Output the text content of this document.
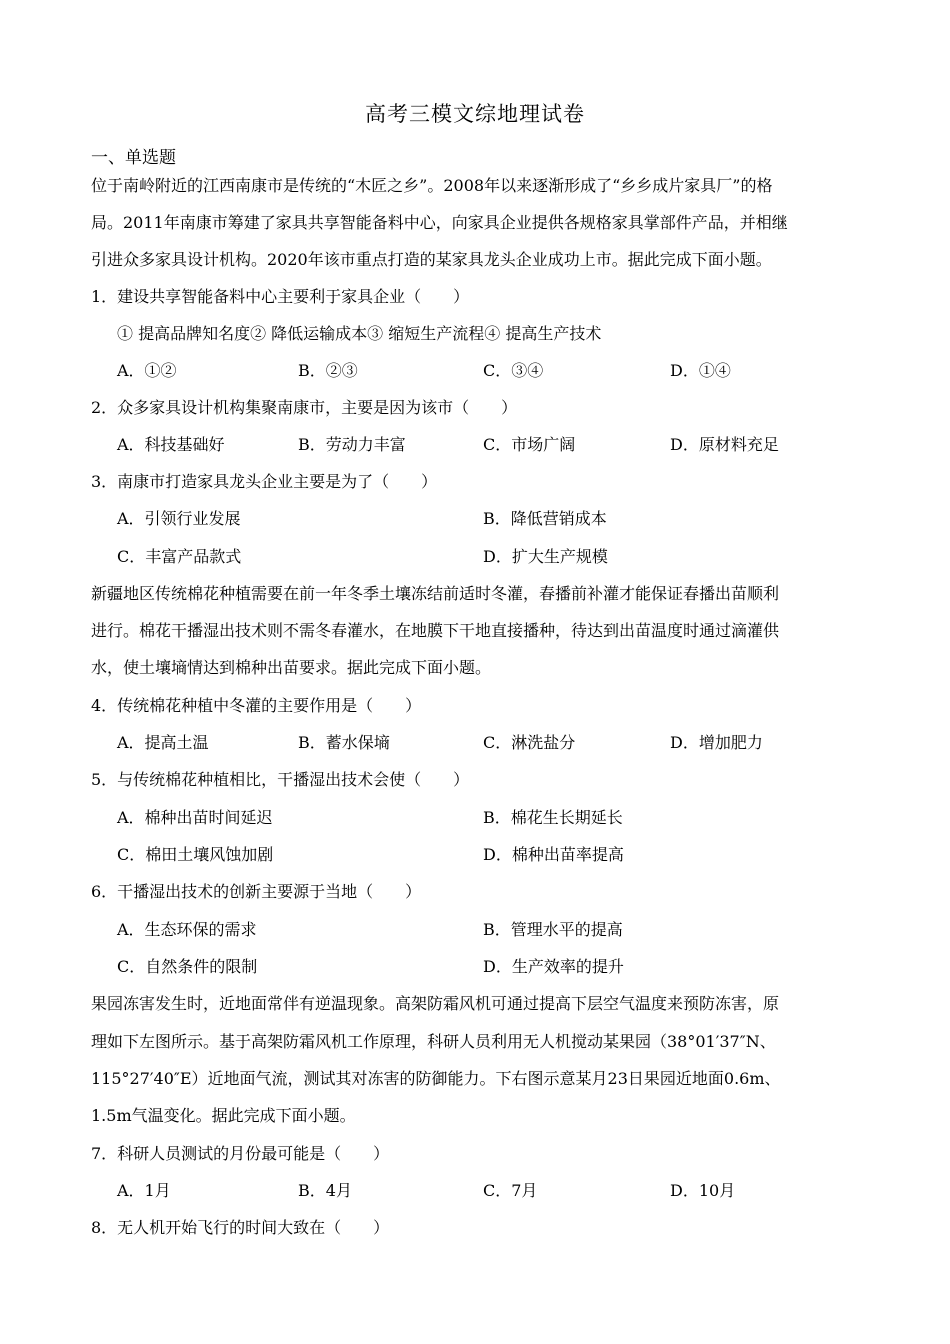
高考三模文综地理试卷
一、单选题
位于南岭附近的江西南康市是传统的“木匠之乡”。2008年以来逐渐形成了“乡乡成片家具厂”的格
局。2011年南康市筹建了家具共享智能备料中心，向家具企业提供各规格家具掌部件产品，并相继
引进众多家具设计机构。2020年该市重点打造的某家具龙头企业成功上市。据此完成下面小题。
1．建设共享智能备料中心主要利于家具企业（　　）
① 提高品牌知名度② 降低运输成本③ 缩短生产流程④ 提高生产技术
A．①②	B．②③	C．③④	D．①④
2．众多家具设计机构集聚南康市，主要是因为该市（　　）
A．科技基础好	B．劳动力丰富	C．市场广阔	D．原材料充足
3．南康市打造家具龙头企业主要是为了（　　）
A．引领行业发展	B．降低营销成本
C．丰富产品款式	D．扩大生产规模
新疆地区传统棉花种植需要在前一年冬季土壤冻结前适时冬灌，春播前补灌才能保证春播出苗顺利
进行。棉花干播湿出技术则不需冬春灌水，在地膜下干地直接播种，待达到出苗温度时通过滴灌供
水，使土壤墒情达到棉种出苗要求。据此完成下面小题。
4．传统棉花种植中冬灌的主要作用是（　　）
A．提高土温	B．蓄水保墒	C．淋洗盐分	D．增加肥力
5．与传统棉花种植相比，干播湿出技术会使（　　）
A．棉种出苗时间延迟	B．棉花生长期延长
C．棉田土壤风蚀加剧	D．棉种出苗率提高
6．干播湿出技术的创新主要源于当地（　　）
A．生态环保的需求	B．管理水平的提高
C．自然条件的限制	D．生产效率的提升
果园冻害发生时，近地面常伴有逆温现象。高架防霜风机可通过提高下层空气温度来预防冻害，原
理如下左图所示。基于高架防霜风机工作原理，科研人员利用无人机搅动某果园（38°01′37″N、
115°27′40″E）近地面气流，测试其对冻害的防御能力。下右图示意某月23日果园近地面0.6m、
1.5m气温变化。据此完成下面小题。
7．科研人员测试的月份最可能是（　　）
A．1月	B．4月	C．7月	D．10月
8．无人机开始飞行的时间大致在（　　）
